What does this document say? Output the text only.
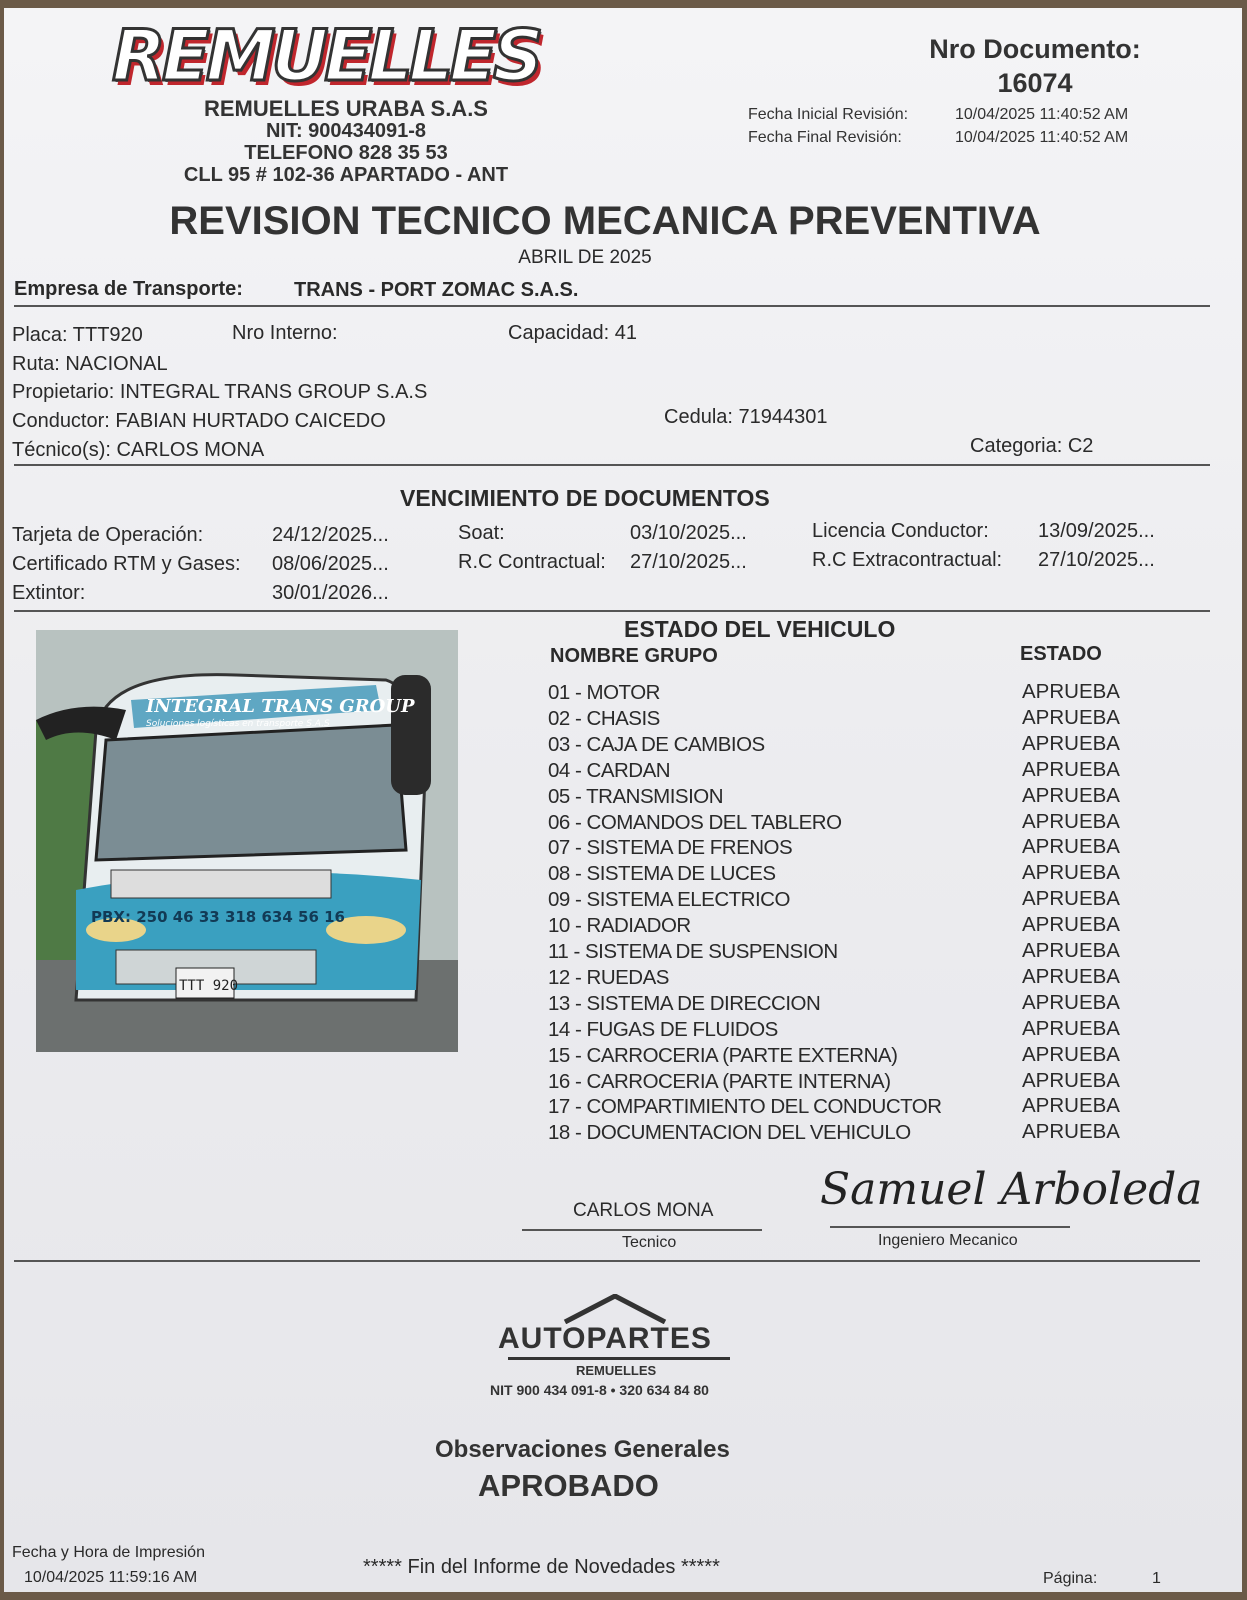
REMUELLES
REMUELLES URABA S.A.S
NIT: 900434091-8
TELEFONO 828 35 53
CLL 95 # 102-36 APARTADO - ANT
Nro Documento:
16074
Fecha Inicial Revisión:	10/04/2025 11:40:52 AM
Fecha Final Revisión:	10/04/2025 11:40:52 AM
REVISION TECNICO MECANICA PREVENTIVA
ABRIL DE 2025
Empresa de Transporte:	TRANS - PORT ZOMAC S.A.S.
Placa: TTT920	Nro Interno:	Capacidad: 41
Ruta: NACIONAL
Propietario: INTEGRAL TRANS GROUP S.A.S
Conductor: FABIAN HURTADO CAICEDO	Cedula: 71944301
Técnico(s): CARLOS MONA	Categoria: C2
VENCIMIENTO DE DOCUMENTOS
Tarjeta de Operación:	24/12/2025...	Soat:	03/10/2025...	Licencia Conductor: 13/09/2025...
Certificado RTM y Gases: 08/06/2025...	R.C Contractual: 27/10/2025...	R.C Extracontractual: 27/10/2025...
Extintor:	30/01/2026...
INTEGRAL TRANS GROUP
Soluciones logísticas en transporte S.A.S
PBX: 250 46 33 318 634 56 16
TTT 920
ESTADO DEL VEHICULO
NOMBRE GRUPO	ESTADO
01 - MOTOR	APRUEBA
02 - CHASIS	APRUEBA
03 - CAJA DE CAMBIOS	APRUEBA
04 - CARDAN	APRUEBA
05 - TRANSMISION	APRUEBA
06 - COMANDOS DEL TABLERO	APRUEBA
07 - SISTEMA DE FRENOS	APRUEBA
08 - SISTEMA DE LUCES	APRUEBA
09 - SISTEMA ELECTRICO	APRUEBA
10 - RADIADOR	APRUEBA
11 - SISTEMA DE SUSPENSION	APRUEBA
12 - RUEDAS	APRUEBA
13 - SISTEMA DE DIRECCION	APRUEBA
14 - FUGAS DE FLUIDOS	APRUEBA
15 - CARROCERIA (PARTE EXTERNA)	APRUEBA
16 - CARROCERIA (PARTE INTERNA)	APRUEBA
17 - COMPARTIMIENTO DEL CONDUCTOR	APRUEBA
18 - DOCUMENTACION DEL VEHICULO	APRUEBA
CARLOS MONA
Tecnico
Samuel Arboleda
Ingeniero Mecanico
AUTOPARTES
REMUELLES
NIT 900 434 091-8 • 320 634 84 80
Observaciones Generales
APROBADO
Fecha y Hora de Impresión
10/04/2025 11:59:16 AM	***** Fin del Informe de Novedades *****
Página:	1
